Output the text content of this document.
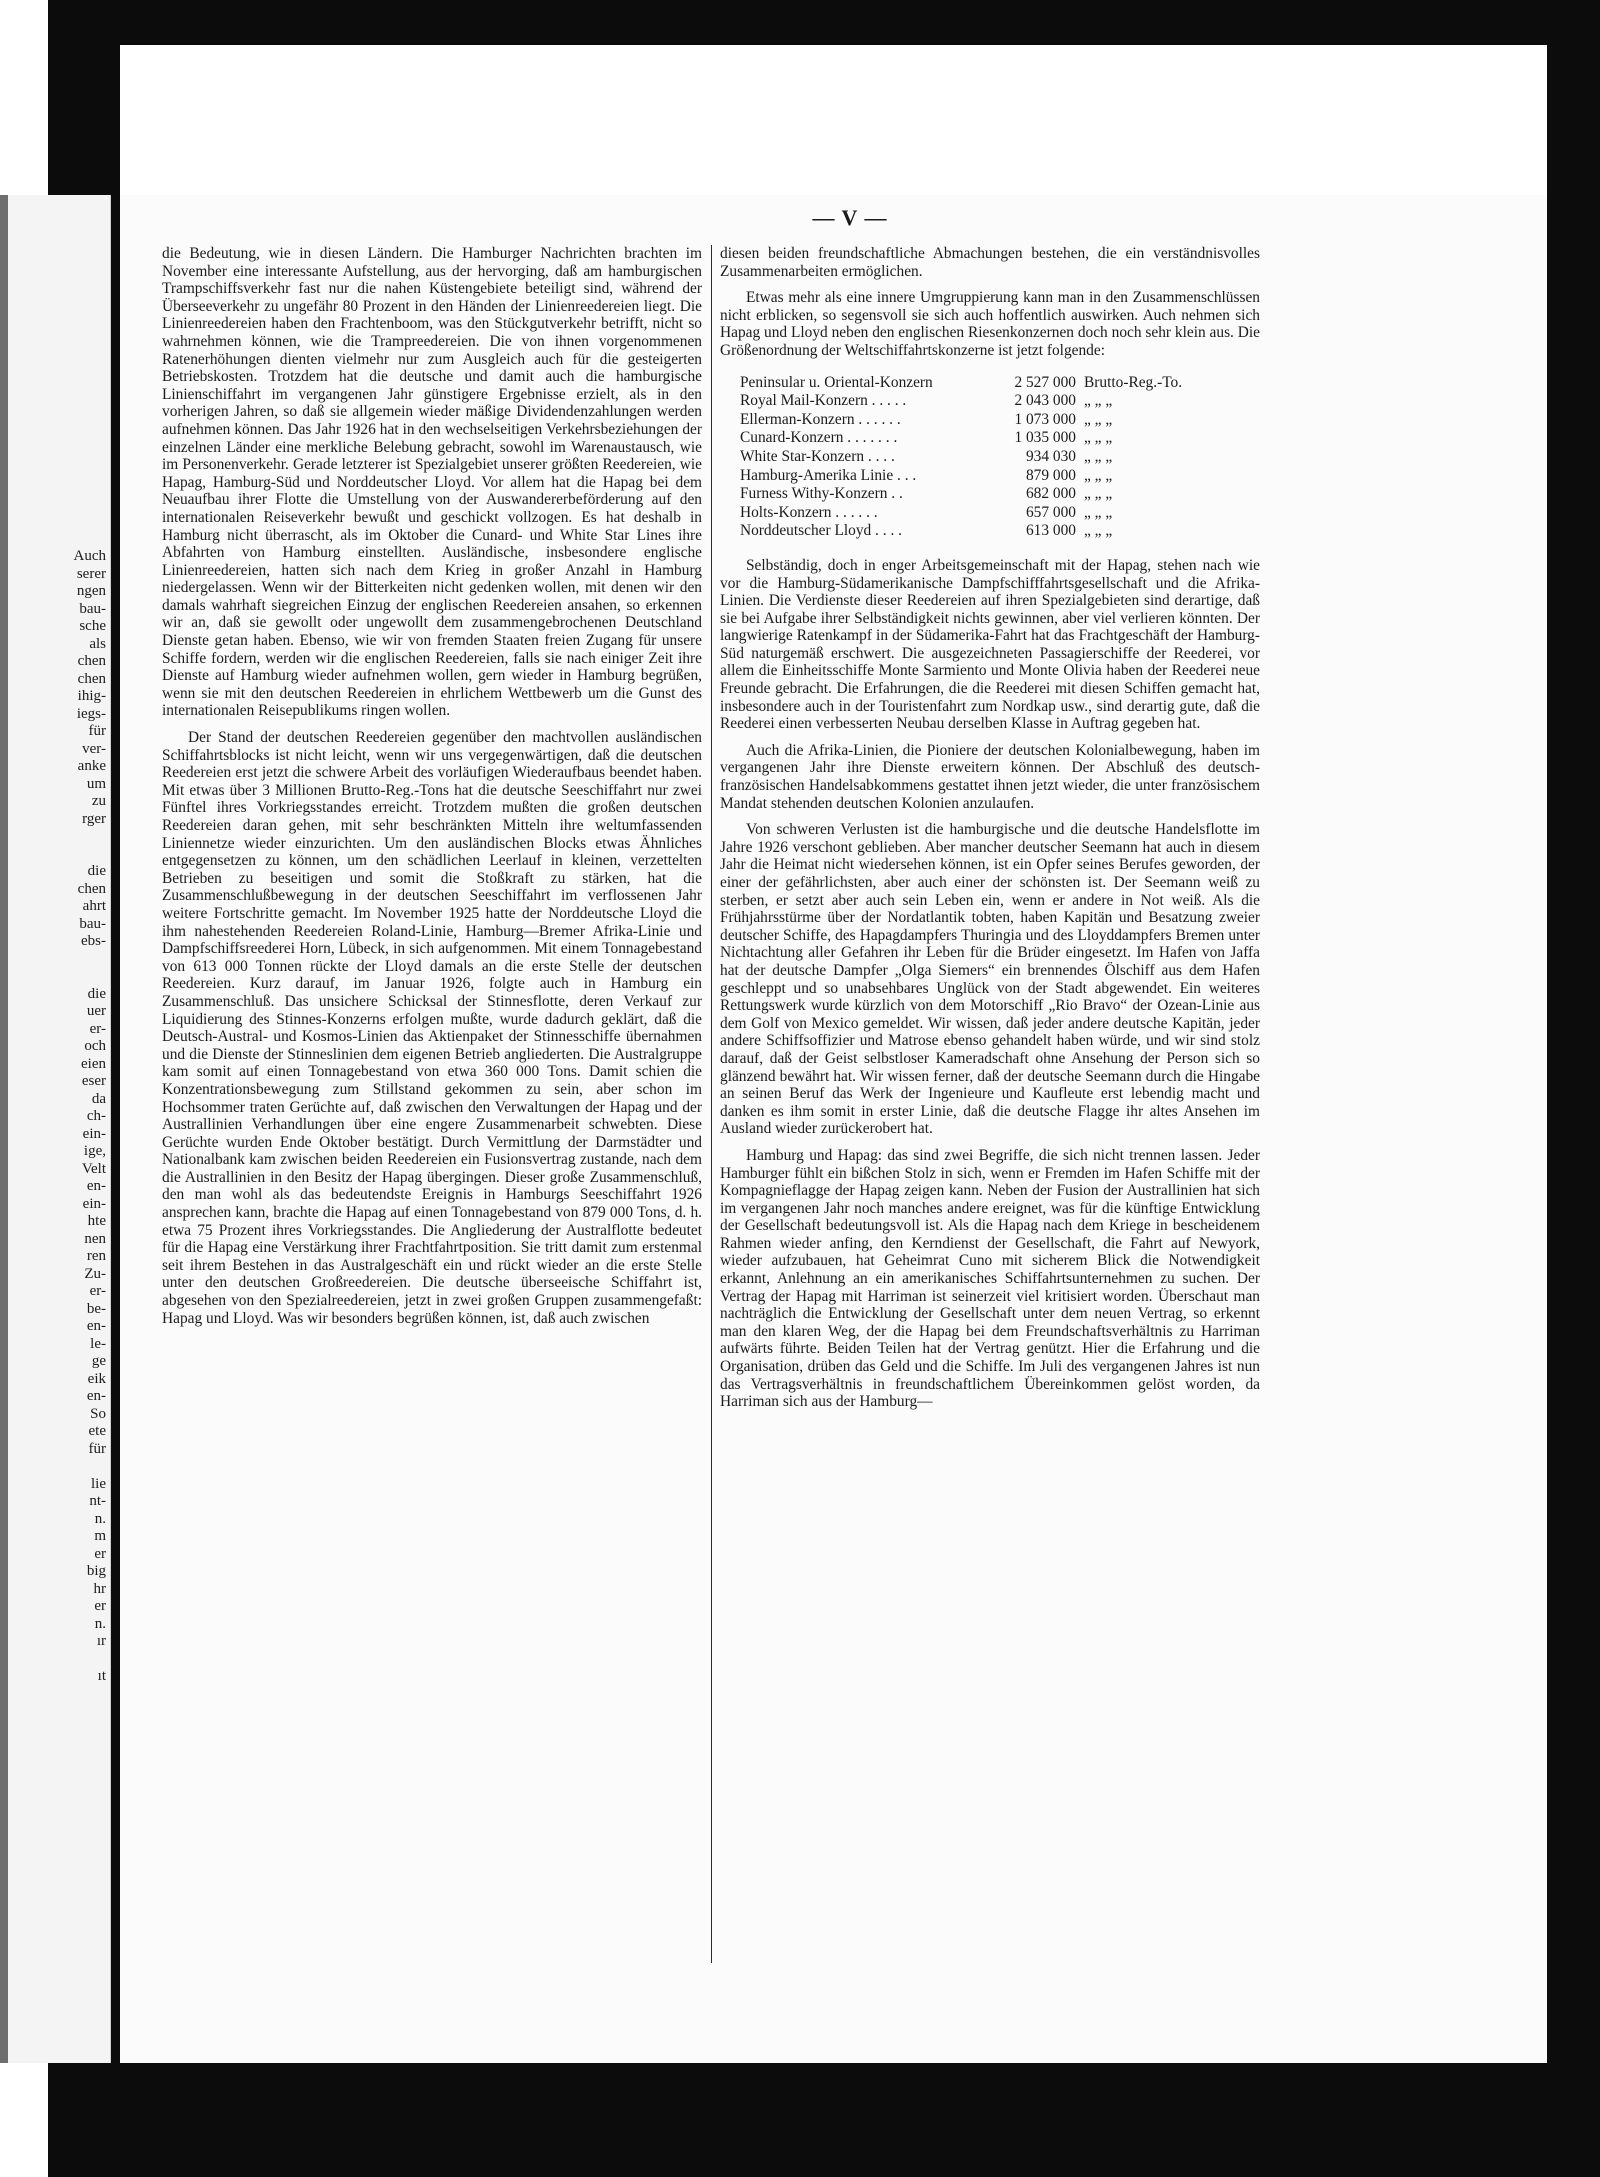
Auch
serer
ngen
bau-
sche
als
chen
chen
ihig-
iegs-
für
ver-
anke
um
zu
rger
die
chen
ahrt
bau-
ebs-
die
uer
er-
och
eien
eser
da
ch-
ein-
ige,
Velt
en-
ein-
hte
nen
ren
Zu-
er-
be-
en-
le-
ge
eik
en-
So
ete
für
lie
nt-
n.
m
er
big
hr
er
n.
ır
ıt
— V —

die Bedeutung, wie in diesen Ländern. Die Hamburger Nachrichten brachten im November eine interessante Aufstellung, aus der hervorging, daß am hamburgischen Trampschiffsverkehr fast nur die nahen Küstengebiete beteiligt sind, während der Überseeverkehr zu ungefähr 80 Prozent in den Händen der Linienreedereien liegt. Die Linienreedereien haben den Frachtenboom, was den Stückgutverkehr betrifft, nicht so wahrnehmen können, wie die Trampreedereien. Die von ihnen vorgenommenen Ratenerhöhungen dienten vielmehr nur zum Ausgleich auch für die gesteigerten Betriebskosten. Trotzdem hat die deutsche und damit auch die hamburgische Linienschiffahrt im vergangenen Jahr günstigere Ergebnisse erzielt, als in den vorherigen Jahren, so daß sie allgemein wieder mäßige Dividendenzahlungen werden aufnehmen können. Das Jahr 1926 hat in den wechselseitigen Verkehrsbeziehungen der einzelnen Länder eine merkliche Belebung gebracht, sowohl im Warenaustausch, wie im Personenverkehr. Gerade letzterer ist Spezialgebiet unserer größten Reedereien, wie Hapag, Hamburg-Süd und Norddeutscher Lloyd. Vor allem hat die Hapag bei dem Neuaufbau ihrer Flotte die Umstellung von der Auswandererbeförderung auf den internationalen Reiseverkehr bewußt und geschickt vollzogen. Es hat deshalb in Hamburg nicht überrascht, als im Oktober die Cunard- und White Star Lines ihre Abfahrten von Hamburg einstellten. Ausländische, insbesondere englische Linienreedereien, hatten sich nach dem Krieg in großer Anzahl in Hamburg niedergelassen. Wenn wir der Bitterkeiten nicht gedenken wollen, mit denen wir den damals wahrhaft siegreichen Einzug der englischen Reedereien ansahen, so erkennen wir an, daß sie gewollt oder ungewollt dem zusammengebrochenen Deutschland Dienste getan haben. Ebenso, wie wir von fremden Staaten freien Zugang für unsere Schiffe fordern, werden wir die englischen Reedereien, falls sie nach einiger Zeit ihre Dienste auf Hamburg wieder aufnehmen wollen, gern wieder in Hamburg begrüßen, wenn sie mit den deutschen Reedereien in ehrlichem Wettbewerb um die Gunst des internationalen Reisepublikums ringen wollen.

Der Stand der deutschen Reedereien gegenüber den machtvollen ausländischen Schiffahrtsblocks ist nicht leicht, wenn wir uns vergegenwärtigen, daß die deutschen Reedereien erst jetzt die schwere Arbeit des vorläufigen Wiederaufbaus beendet haben. Mit etwas über 3 Millionen Brutto-Reg.-Tons hat die deutsche Seeschiffahrt nur zwei Fünftel ihres Vorkriegsstandes erreicht. Trotzdem mußten die großen deutschen Reedereien daran gehen, mit sehr beschränkten Mitteln ihre weltumfassenden Liniennetze wieder einzurichten. Um den ausländischen Blocks etwas Ähnliches entgegensetzen zu können, um den schädlichen Leerlauf in kleinen, verzettelten Betrieben zu beseitigen und somit die Stoßkraft zu stärken, hat die Zusammenschlußbewegung in der deutschen Seeschiffahrt im verflossenen Jahr weitere Fortschritte gemacht. Im November 1925 hatte der Norddeutsche Lloyd die ihm nahestehenden Reedereien Roland-Linie, Hamburg—Bremer Afrika-Linie und Dampfschiffsreederei Horn, Lübeck, in sich aufgenommen. Mit einem Tonnagebestand von 613 000 Tonnen rückte der Lloyd damals an die erste Stelle der deutschen Reedereien. Kurz darauf, im Januar 1926, folgte auch in Hamburg ein Zusammenschluß. Das unsichere Schicksal der Stinnesflotte, deren Verkauf zur Liquidierung des Stinnes-Konzerns erfolgen mußte, wurde dadurch geklärt, daß die Deutsch-Austral- und Kosmos-Linien das Aktienpaket der Stinnesschiffe übernahmen und die Dienste der Stinneslinien dem eigenen Betrieb angliederten. Die Australgruppe kam somit auf einen Tonnagebestand von etwa 360 000 Tons. Damit schien die Konzentrationsbewegung zum Stillstand gekommen zu sein, aber schon im Hochsommer traten Gerüchte auf, daß zwischen den Verwaltungen der Hapag und der Australlinien Verhandlungen über eine engere Zusammenarbeit schwebten. Diese Gerüchte wurden Ende Oktober bestätigt. Durch Vermittlung der Darmstädter und Nationalbank kam zwischen beiden Reedereien ein Fusionsvertrag zustande, nach dem die Australlinien in den Besitz der Hapag übergingen. Dieser große Zusammenschluß, den man wohl als das bedeutendste Ereignis in Hamburgs Seeschiffahrt 1926 ansprechen kann, brachte die Hapag auf einen Tonnagebestand von 879 000 Tons, d. h. etwa 75 Prozent ihres Vorkriegsstandes. Die Angliederung der Australflotte bedeutet für die Hapag eine Verstärkung ihrer Frachtfahrtposition. Sie tritt damit zum erstenmal seit ihrem Bestehen in das Australgeschäft ein und rückt wieder an die erste Stelle unter den deutschen Großreedereien. Die deutsche überseeische Schiffahrt ist, abgesehen von den Spezialreedereien, jetzt in zwei großen Gruppen zusammengefaßt: Hapag und Lloyd. Was wir besonders begrüßen können, ist, daß auch zwischen

diesen beiden freundschaftliche Abmachungen bestehen, die ein verständnisvolles Zusammenarbeiten ermöglichen.

Etwas mehr als eine innere Umgruppierung kann man in den Zusammenschlüssen nicht erblicken, so segensvoll sie sich auch hoffentlich auswirken. Auch nehmen sich Hapag und Lloyd neben den englischen Riesenkonzernen doch noch sehr klein aus. Die Größenordnung der Weltschiffahrtskonzerne ist jetzt folgende:

Peninsular u. Oriental-Konzern	2 527 000	Brutto-Reg.-To.
Royal Mail-Konzern . . . . .	2 043 000	„ „ „
Ellerman-Konzern . . . . . .	1 073 000	„ „ „
Cunard-Konzern . . . . . . .	1 035 000	„ „ „
White Star-Konzern . . . .	934 030	„ „ „
Hamburg-Amerika Linie . . .	879 000	„ „ „
Furness Withy-Konzern . .	682 000	„ „ „
Holts-Konzern . . . . . .	657 000	„ „ „
Norddeutscher Lloyd . . . .	613 000	„ „ „

Selbständig, doch in enger Arbeitsgemeinschaft mit der Hapag, stehen nach wie vor die Hamburg-Südamerikanische Dampfschifffahrtsgesellschaft und die Afrika-Linien. Die Verdienste dieser Reedereien auf ihren Spezialgebieten sind derartige, daß sie bei Aufgabe ihrer Selbständigkeit nichts gewinnen, aber viel verlieren könnten. Der langwierige Ratenkampf in der Südamerika-Fahrt hat das Frachtgeschäft der Hamburg-Süd naturgemäß erschwert. Die ausgezeichneten Passagierschiffe der Reederei, vor allem die Einheitsschiffe Monte Sarmiento und Monte Olivia haben der Reederei neue Freunde gebracht. Die Erfahrungen, die die Reederei mit diesen Schiffen gemacht hat, insbesondere auch in der Touristenfahrt zum Nordkap usw., sind derartig gute, daß die Reederei einen verbesserten Neubau derselben Klasse in Auftrag gegeben hat.

Auch die Afrika-Linien, die Pioniere der deutschen Kolonialbewegung, haben im vergangenen Jahr ihre Dienste erweitern können. Der Abschluß des deutsch-französischen Handelsabkommens gestattet ihnen jetzt wieder, die unter französischem Mandat stehenden deutschen Kolonien anzulaufen.

Von schweren Verlusten ist die hamburgische und die deutsche Handelsflotte im Jahre 1926 verschont geblieben. Aber mancher deutscher Seemann hat auch in diesem Jahr die Heimat nicht wiedersehen können, ist ein Opfer seines Berufes geworden, der einer der gefährlichsten, aber auch einer der schönsten ist. Der Seemann weiß zu sterben, er setzt aber auch sein Leben ein, wenn er andere in Not weiß. Als die Frühjahrsstürme über der Nordatlantik tobten, haben Kapitän und Besatzung zweier deutscher Schiffe, des Hapagdampfers Thuringia und des Lloyddampfers Bremen unter Nichtachtung aller Gefahren ihr Leben für die Brüder eingesetzt. Im Hafen von Jaffa hat der deutsche Dampfer „Olga Siemers“ ein brennendes Ölschiff aus dem Hafen geschleppt und so unabsehbares Unglück von der Stadt abgewendet. Ein weiteres Rettungswerk wurde kürzlich von dem Motorschiff „Rio Bravo“ der Ozean-Linie aus dem Golf von Mexico gemeldet. Wir wissen, daß jeder andere deutsche Kapitän, jeder andere Schiffsoffizier und Matrose ebenso gehandelt haben würde, und wir sind stolz darauf, daß der Geist selbstloser Kameradschaft ohne Ansehung der Person sich so glänzend bewährt hat. Wir wissen ferner, daß der deutsche Seemann durch die Hingabe an seinen Beruf das Werk der Ingenieure und Kaufleute erst lebendig macht und danken es ihm somit in erster Linie, daß die deutsche Flagge ihr altes Ansehen im Ausland wieder zurückerobert hat.

Hamburg und Hapag: das sind zwei Begriffe, die sich nicht trennen lassen. Jeder Hamburger fühlt ein bißchen Stolz in sich, wenn er Fremden im Hafen Schiffe mit der Kompagnieflagge der Hapag zeigen kann. Neben der Fusion der Australlinien hat sich im vergangenen Jahr noch manches andere ereignet, was für die künftige Entwicklung der Gesellschaft bedeutungsvoll ist. Als die Hapag nach dem Kriege in bescheidenem Rahmen wieder anfing, den Kerndienst der Gesellschaft, die Fahrt auf Newyork, wieder aufzubauen, hat Geheimrat Cuno mit sicherem Blick die Notwendigkeit erkannt, Anlehnung an ein amerikanisches Schiffahrtsunternehmen zu suchen. Der Vertrag der Hapag mit Harriman ist seinerzeit viel kritisiert worden. Überschaut man nachträglich die Entwicklung der Gesellschaft unter dem neuen Vertrag, so erkennt man den klaren Weg, der die Hapag bei dem Freundschaftsverhältnis zu Harriman aufwärts führte. Beiden Teilen hat der Vertrag genützt. Hier die Erfahrung und die Organisation, drüben das Geld und die Schiffe. Im Juli des vergangenen Jahres ist nun das Vertragsverhältnis in freundschaftlichem Übereinkommen gelöst worden, da Harriman sich aus der Hamburg—
